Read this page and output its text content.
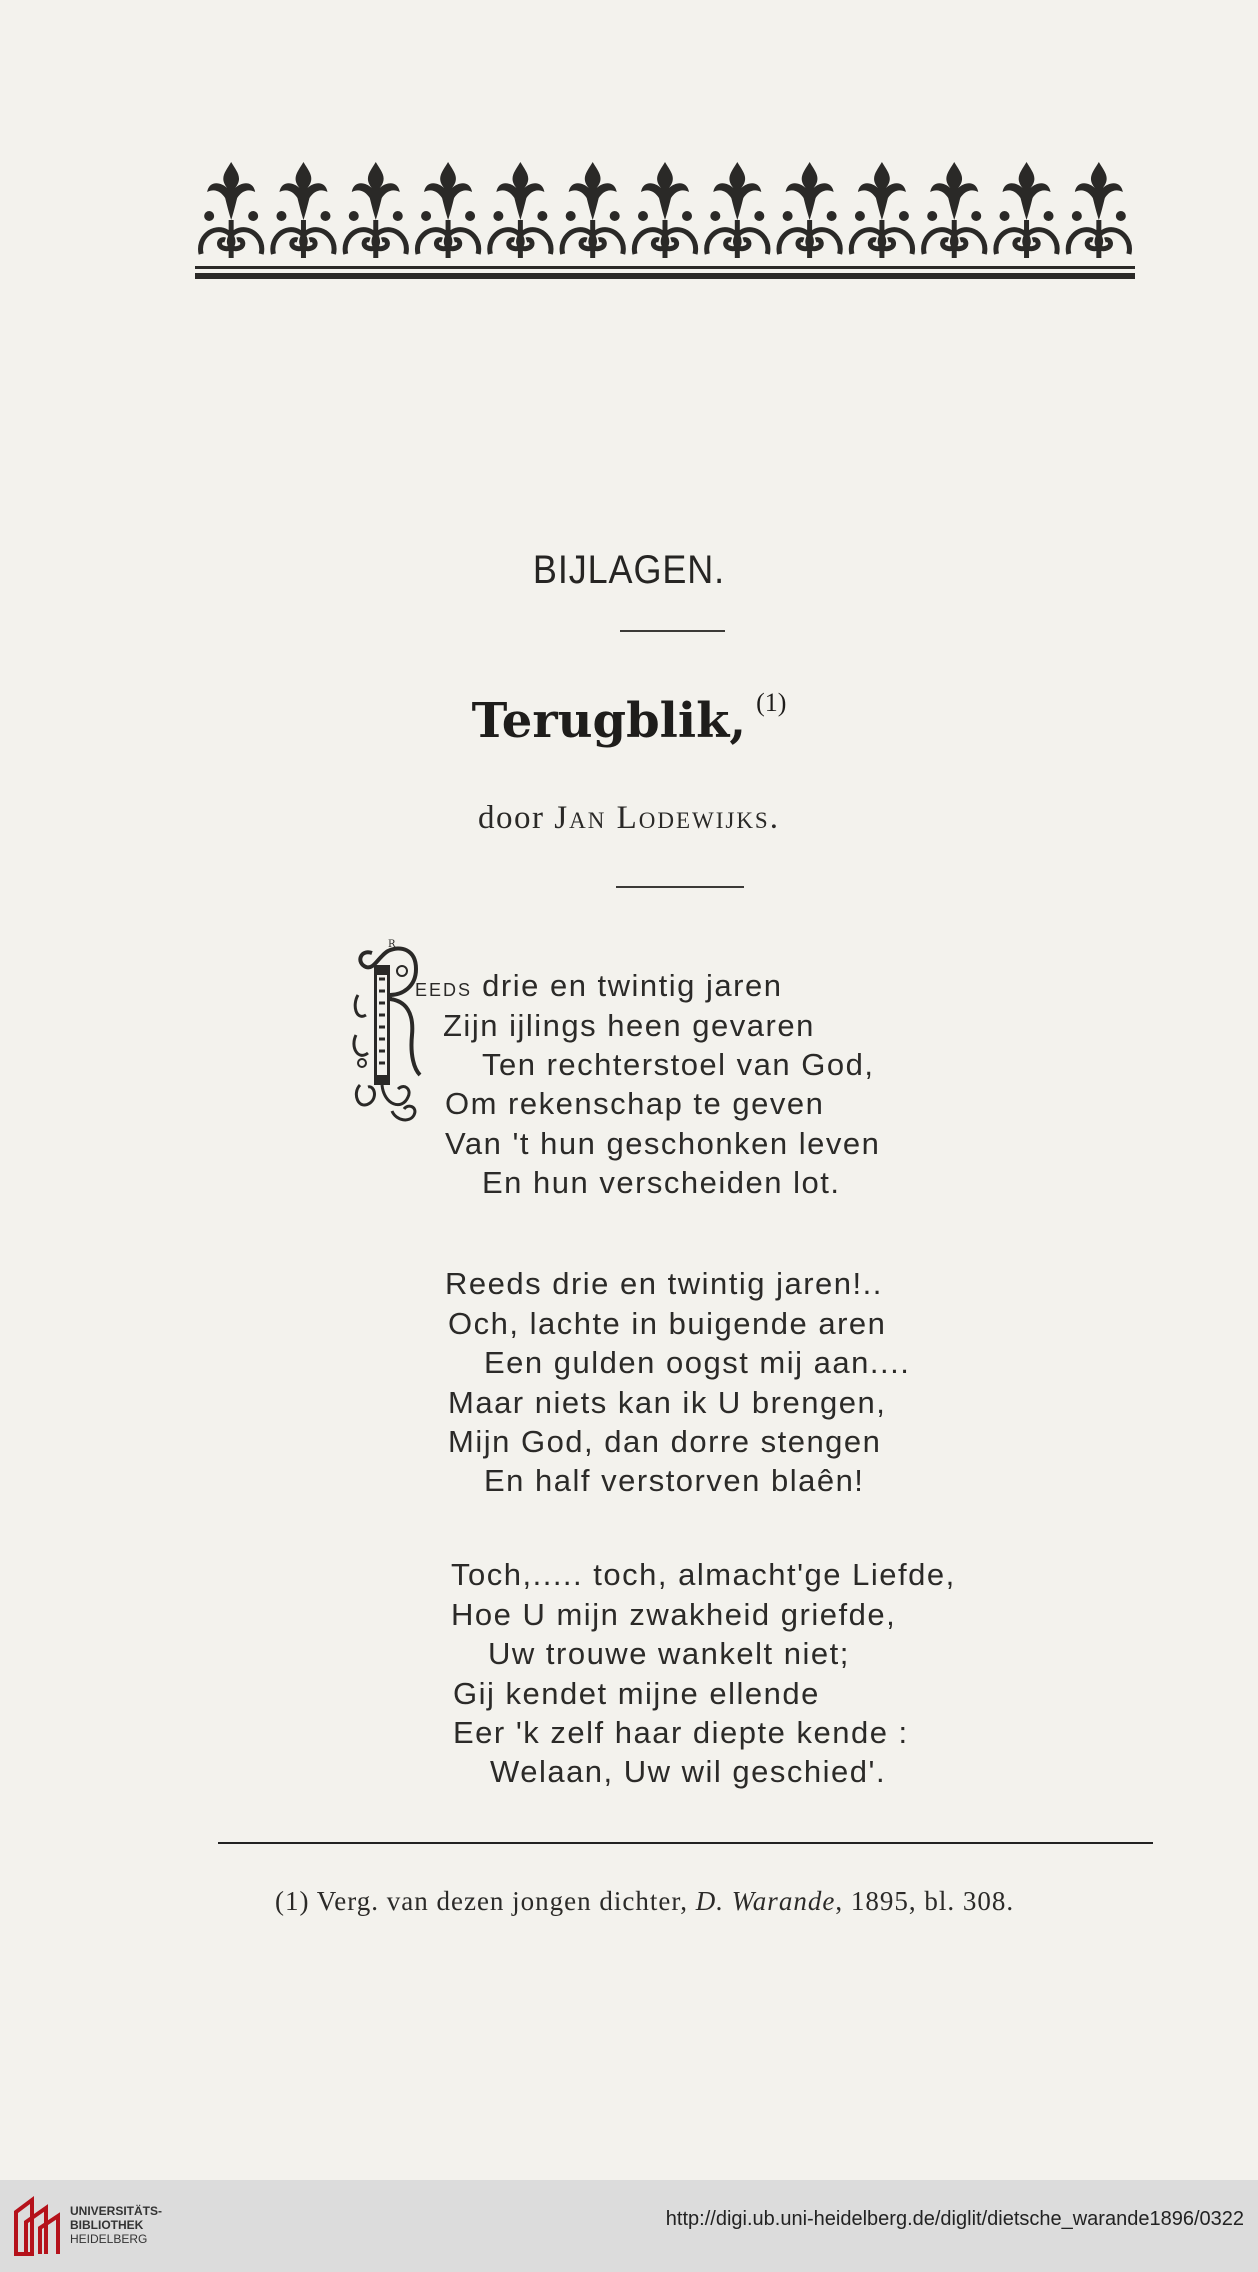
BIJLAGEN.
Terugblik, $^{(1)}$
door Jan Lodewijks.
R
eeds drie en twintig jaren
Zijn ijlings heen gevaren
Ten rechterstoel van God,
Om rekenschap te geven
Van 't hun geschonken leven
En hun verscheiden lot.
Reeds drie en twintig jaren!..
Och, lachte in buigende aren
Een gulden oogst mij aan....
Maar niets kan ik U brengen,
Mijn God, dan dorre stengen
En half verstorven blaên!
Toch,..... toch, almacht'ge Liefde,
Hoe U mijn zwakheid griefde,
Uw trouwe wankelt niet;
Gij kendet mijne ellende
Eer 'k zelf haar diepte kende :
Welaan, Uw wil geschied'.
(1) Verg. van dezen jongen dichter, D. Warande, 1895, bl. 308.
UNIVERSITÄTS-
BIBLIOTHEK
HEIDELBERG
http://digi.ub.uni-heidelberg.de/diglit/dietsche_warande1896/0322
